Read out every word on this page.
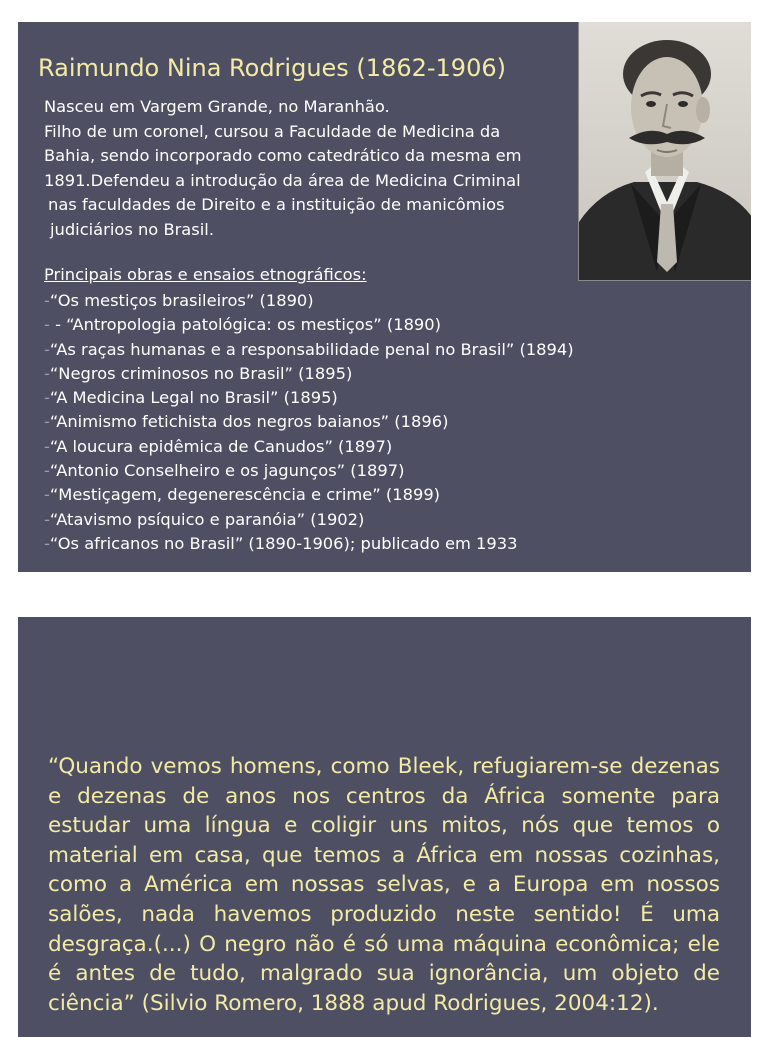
Raimundo Nina Rodrigues (1862-1906)
Nasceu em Vargem Grande, no Maranhão.
Filho de um coronel, cursou a Faculdade de Medicina da
Bahia, sendo incorporado como catedrático da mesma em
1891.Defendeu a introdução da área de Medicina Criminal
nas faculdades de Direito e a instituição de manicômios
judiciários no Brasil.
Principais obras e ensaios etnográficos:
-“Os mestiços brasileiros” (1890)
- - “Antropologia patológica: os mestiços” (1890)
-“As raças humanas e a responsabilidade penal no Brasil” (1894)
-“Negros criminosos no Brasil” (1895)
-“A Medicina Legal no Brasil” (1895)
-“Animismo fetichista dos negros baianos” (1896)
-“A loucura epidêmica de Canudos” (1897)
-“Antonio Conselheiro e os jagunços” (1897)
-“Mestiçagem, degenerescência e crime” (1899)
-“Atavismo psíquico e paranóia” (1902)
-“Os africanos no Brasil” (1890-1906); publicado em 1933
“Quando vemos homens, como Bleek, refugiarem-se dezenas e dezenas de anos nos centros da África somente para estudar uma língua e coligir uns mitos, nós que temos o material em casa, que temos a África em nossas cozinhas, como a América em nossas selvas, e a Europa em nossos salões, nada havemos produzido neste sentido! É uma desgraça.(...) O negro não é só uma máquina econômica; ele é antes de tudo, malgrado sua ignorância, um objeto de ciência” (Silvio Romero, 1888 apud Rodrigues, 2004:12).
